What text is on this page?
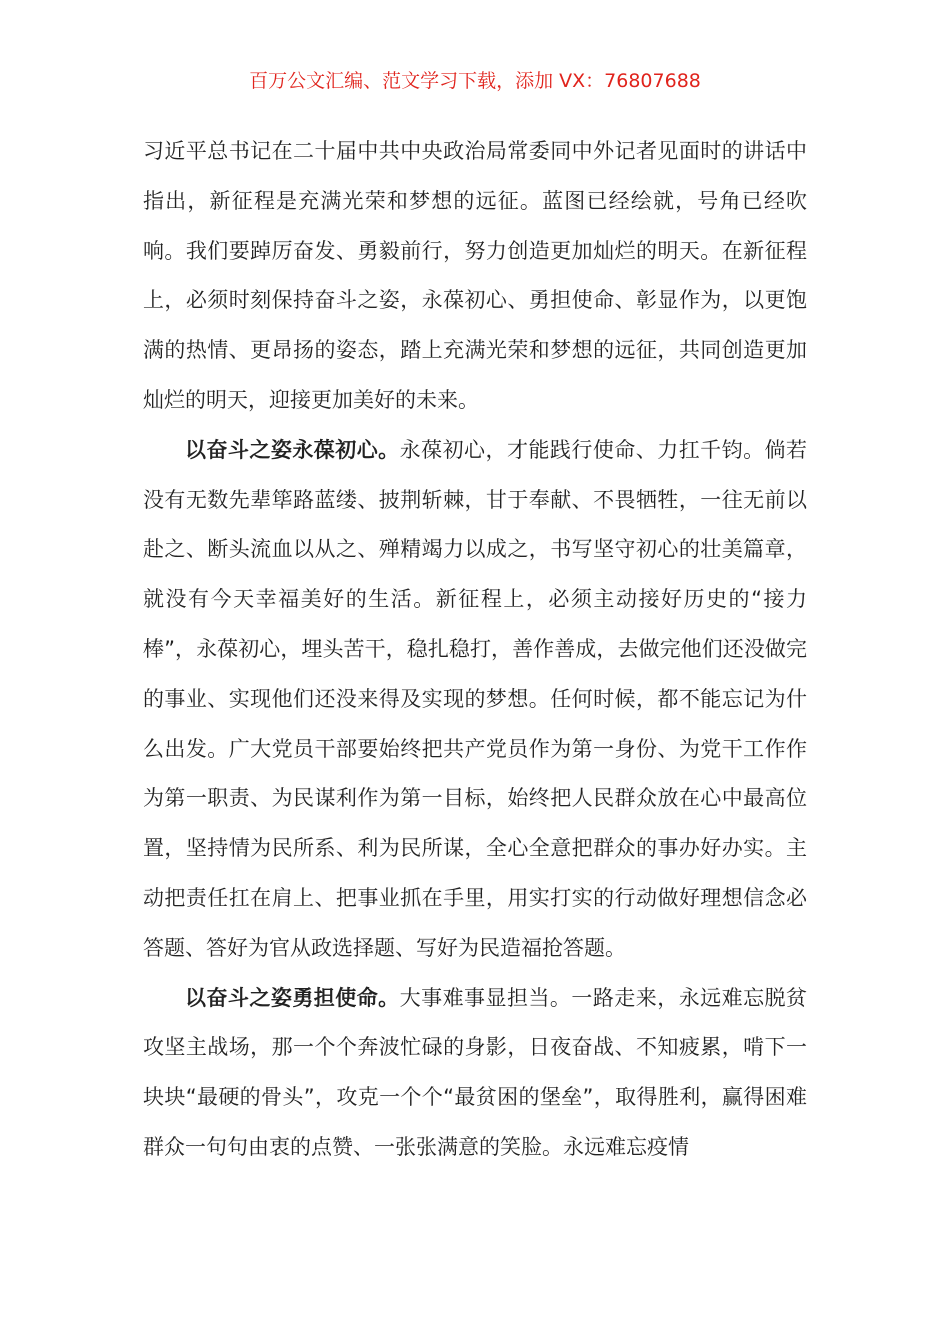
百万公文汇编、范文学习下载，添加 VX：76807688

习近平总书记在二十届中共中央政治局常委同中外记者见面时的讲话中指出，新征程是充满光荣和梦想的远征。蓝图已经绘就，号角已经吹响。我们要踔厉奋发、勇毅前行，努力创造更加灿烂的明天。在新征程上，必须时刻保持奋斗之姿，永葆初心、勇担使命、彰显作为，以更饱满的热情、更昂扬的姿态，踏上充满光荣和梦想的远征，共同创造更加灿烂的明天，迎接更加美好的未来。

以奋斗之姿永葆初心。永葆初心，才能践行使命、力扛千钧。倘若没有无数先辈筚路蓝缕、披荆斩棘，甘于奉献、不畏牺牲，一往无前以赴之、断头流血以从之、殚精竭力以成之，书写坚守初心的壮美篇章，就没有今天幸福美好的生活。新征程上，必须主动接好历史的“接力棒”，永葆初心，埋头苦干，稳扎稳打，善作善成，去做完他们还没做完的事业、实现他们还没来得及实现的梦想。任何时候，都不能忘记为什么出发。广大党员干部要始终把共产党员作为第一身份、为党干工作作为第一职责、为民谋利作为第一目标，始终把人民群众放在心中最高位置，坚持情为民所系、利为民所谋，全心全意把群众的事办好办实。主动把责任扛在肩上、把事业抓在手里，用实打实的行动做好理想信念必答题、答好为官从政选择题、写好为民造福抢答题。

以奋斗之姿勇担使命。大事难事显担当。一路走来，永远难忘脱贫攻坚主战场，那一个个奔波忙碌的身影，日夜奋战、不知疲累，啃下一块块“最硬的骨头”，攻克一个个“最贫困的堡垒”，取得胜利，赢得困难群众一句句由衷的点赞、一张张满意的笑脸。永远难忘疫情
